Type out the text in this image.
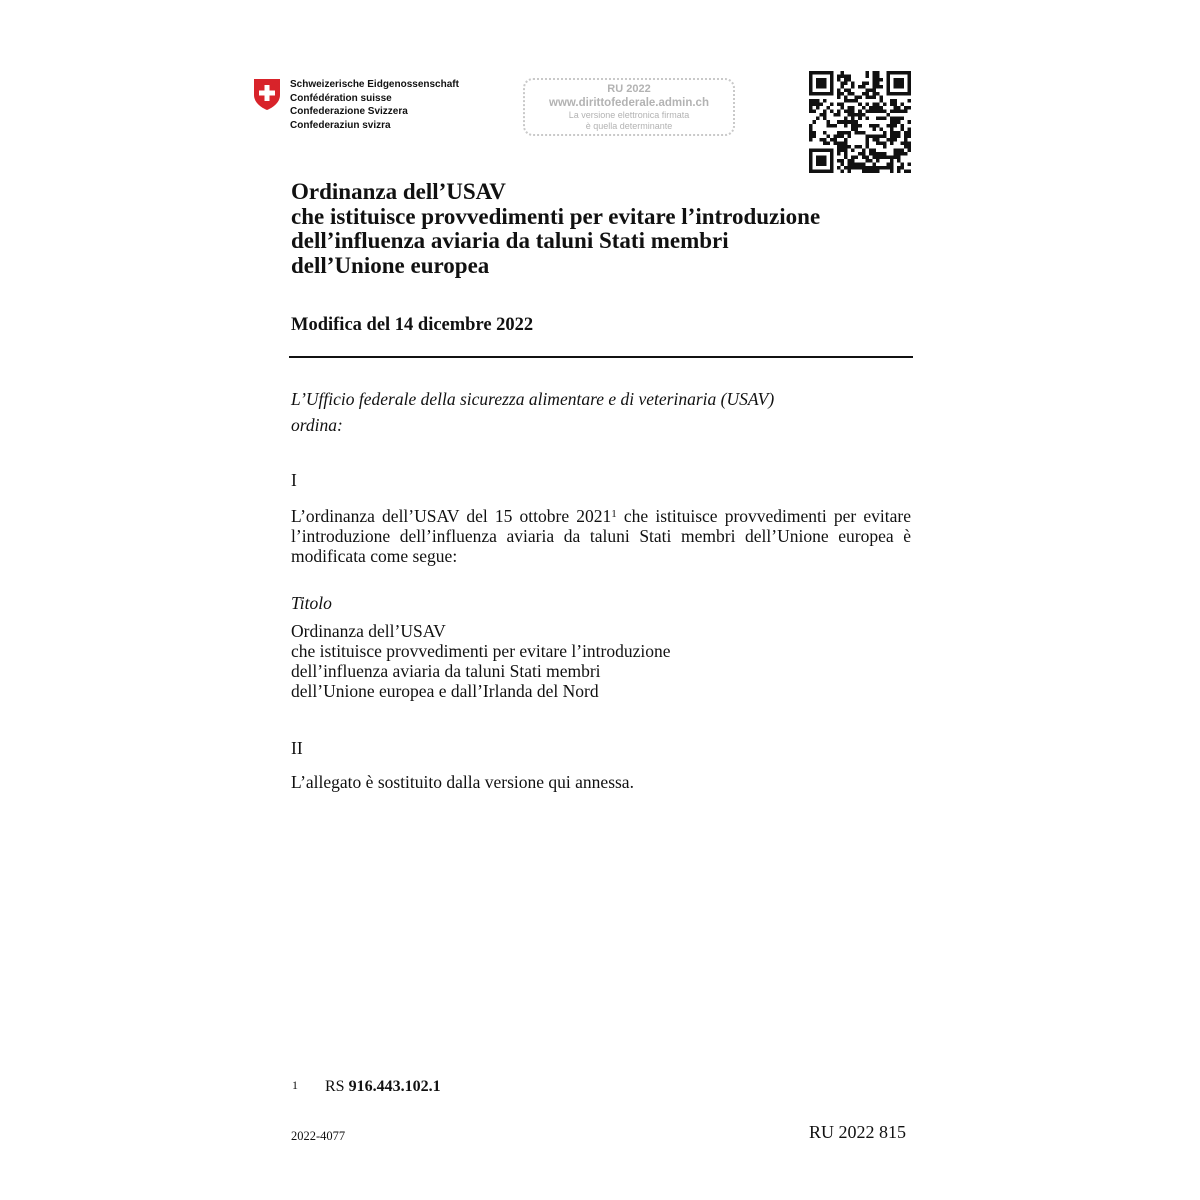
Schweizerische Eidgenossenschaft
Confédération suisse
Confederazione Svizzera
Confederaziun svizra
RU 2022
www.dirittofederale.admin.ch
La versione elettronica firmata
è quella determinante
Ordinanza dell’USAV
che istituisce provvedimenti per evitare l’introduzione
dell’influenza aviaria da taluni Stati membri
dell’Unione europea
Modifica del 14 dicembre 2022
L’Ufficio federale della sicurezza alimentare e di veterinaria (USAV)
ordina:
I
L’ordinanza dell’USAV del 15 ottobre 2021$^1$ che istituisce provvedimenti per evitare l’introduzione dell’influenza aviaria da taluni Stati membri dell’Unione europea è modificata come segue:
Titolo
Ordinanza dell’USAV
che istituisce provvedimenti per evitare l’introduzione
dell’influenza aviaria da taluni Stati membri
dell’Unione europea e dall’Irlanda del Nord
II
L’allegato è sostituito dalla versione qui annessa.
1 RS 916.443.102.1
2022-4077	RU 2022 815
